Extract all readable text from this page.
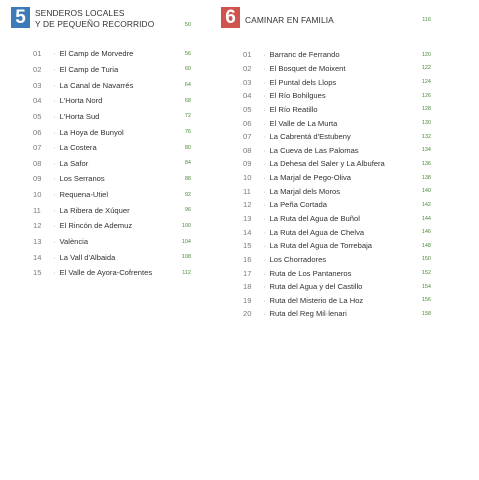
5	SENDEROS LOCALES
Y DE PEQUEÑO RECORRIDO	50
01	· El Camp de Morvedre	56
02	· El Camp de Turia	60
03	· La Canal de Navarrés	64
04	· L'Horta Nord	68
05	· L'Horta Sud	72
06	· La Hoya de Bunyol	76
07	· La Costera	80
08	· La Safor	84
09	· Los Serranos	88
10	· Requena-Utiel	92
11	· La Ribera de Xúquer	96
12	· El Rincón de Ademuz	100
13	· València	104
14	· La Vall d'Albaida	108
15	· El Valle de Ayora-Cofrentes	112
6	CAMINAR EN FAMILIA	116
01	· Barranc de Ferrando	120
02	· El Bosquet de Moixent	122
03	· El Puntal dels Llops	124
04	· El Río Bohilgues	126
05	· El Río Reatillo	128
06	· El Valle de La Murta	130
07	· La Cabrentá d'Estubeny	132
08	· La Cueva de Las Palomas	134
09	· La Dehesa del Saler y La Albufera	136
10	· La Marjal de Pego-Oliva	138
11	· La Marjal dels Moros	140
12	· La Peña Cortada	142
13	· La Ruta del Agua de Buñol	144
14	· La Ruta del Agua de Chelva	146
15	· La Ruta del Agua de Torrebaja	148
16	· Los Chorradores	150
17	· Ruta de Los Pantaneros	152
18	· Ruta del Agua y del Castillo	154
19	· Ruta del Misterio de La Hoz	156
20	· Ruta del Reg Mil·lenari	158
